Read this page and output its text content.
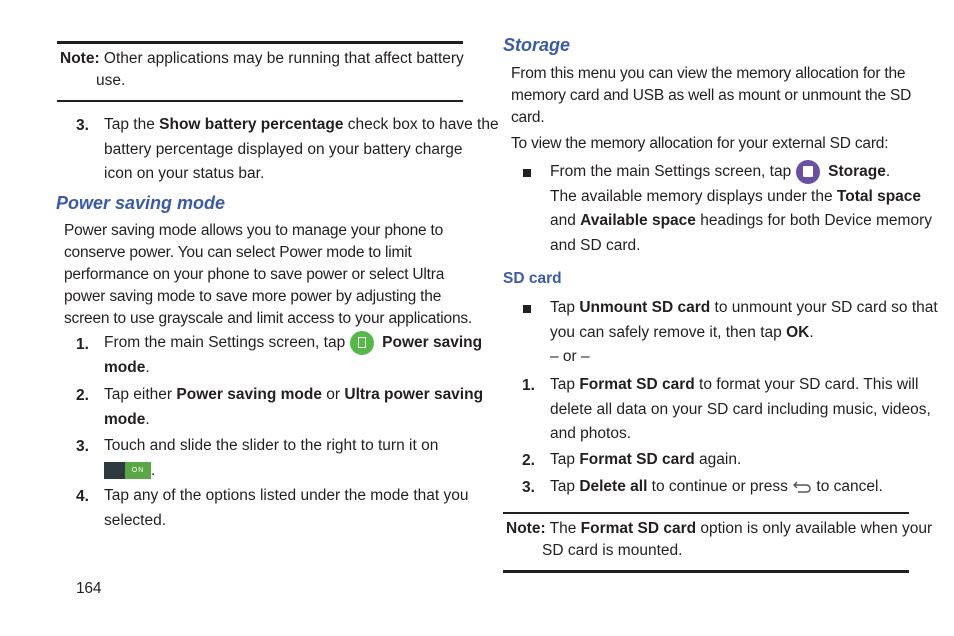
Note: Other applications may be running that affect battery
use.
3. Tap the Show battery percentage check box to have the
battery percentage displayed on your battery charge
icon on your status bar.
Power saving mode
Power saving mode allows you to manage your phone to
conserve power. You can select Power mode to limit
performance on your phone to save power or select Ultra
power saving mode to save more power by adjusting the
screen to use grayscale and limit access to your applications.
1. From the main Settings screen, tap   Power saving
mode.
2. Tap either Power saving mode or Ultra power saving
mode.
3. Touch and slide the slider to the right to turn it on

ON .
4. Tap any of the options listed under the mode that you
selected.
164
Storage
From this menu you can view the memory allocation for the
memory card and USB as well as mount or unmount the SD
card.
To view the memory allocation for your external SD card:
From the main Settings screen, tap   Storage.
The available memory displays under the Total space
and Available space headings for both Device memory
and SD card.
SD card
Tap Unmount SD card to unmount your SD card so that
you can safely remove it, then tap OK.
– or –
1. Tap Format SD card to format your SD card. This will
delete all data on your SD card including music, videos,
and photos.
2. Tap Format SD card again.
3. Tap Delete all to continue or press  to cancel.
Note: The Format SD card option is only available when your
SD card is mounted.
